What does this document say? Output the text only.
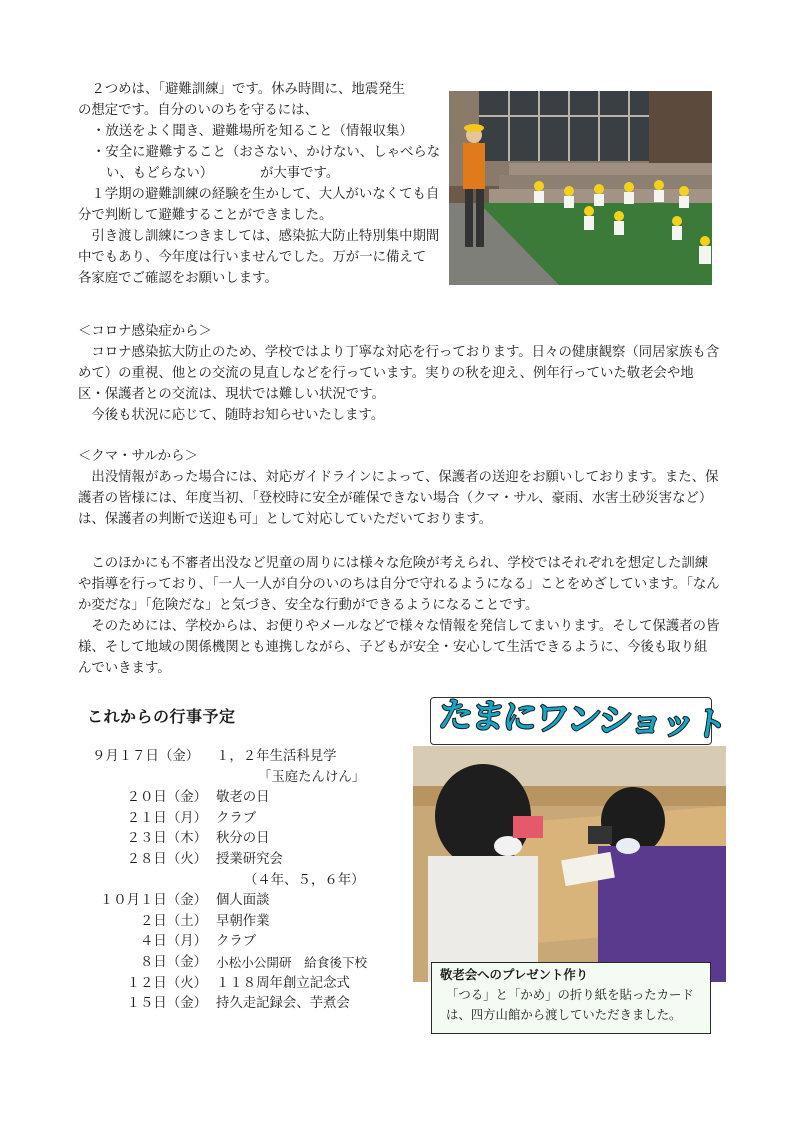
２つめは、「避難訓練」です。休み時間に、地震発生

の想定です。自分のいのちを守るには、

・放送をよく聞き、避難場所を知ること（情報収集）

・安全に避難すること（おさない、かけない、しゃべらない、もどらない）　　　　が大事です。

１学期の避難訓練の経験を生かして、大人がいなくても自分で判断して避難することができました。

引き渡し訓練につきましては、感染拡大防止特別集中期間中でもあり、今年度は行いませんでした。万が一に備えて　各家庭でご確認をお願いします。

＜コロナ感染症から＞

コロナ感染拡大防止のため、学校ではより丁寧な対応を行っております。日々の健康観察（同居家族も含めて）の重視、他との交流の見直しなどを行っています。実りの秋を迎え、例年行っていた敬老会や地区・保護者との交流は、現状では難しい状況です。

今後も状況に応じて、随時お知らせいたします。

＜クマ・サルから＞

出没情報があった場合には、対応ガイドラインによって、保護者の送迎をお願いしております。また、保護者の皆様には、年度当初、「登校時に安全が確保できない場合（クマ・サル、豪雨、水害土砂災害など）は、保護者の判断で送迎も可」として対応していただいております。

このほかにも不審者出没など児童の周りには様々な危険が考えられ、学校ではそれぞれを想定した訓練や指導を行っており、「一人一人が自分のいのちは自分で守れるようになる」ことをめざしています。「なんか変だな」「危険だな」と気づき、安全な行動ができるようになることです。

そのためには、学校からは、お便りやメールなどで様々な情報を発信してまいります。そして保護者の皆様、そして地域の関係機関とも連携しながら、子どもが安全・安心して生活できるように、今後も取り組んでいきます。

これからの行事予定
９月１７日（金）	１，２年生活科見学
「玉庭たんけん」
２０日（金） 敬老の日
２１日（月） クラブ
２３日（木） 秋分の日
２８日（火） 授業研究会
（４年、５，６年）
１０月１日（金） 個人面談
２日（土） 早朝作業
４日（月） クラブ
８日（金） 小松小公開研　給食後下校
１２日（火） １１８周年創立記念式
１５日（金） 持久走記録会、芋煮会
たまにワンショット
敬老会へのプレゼント作り
「つる」と「かめ」の折り紙を貼ったカードは、四方山館から渡していただきました。
